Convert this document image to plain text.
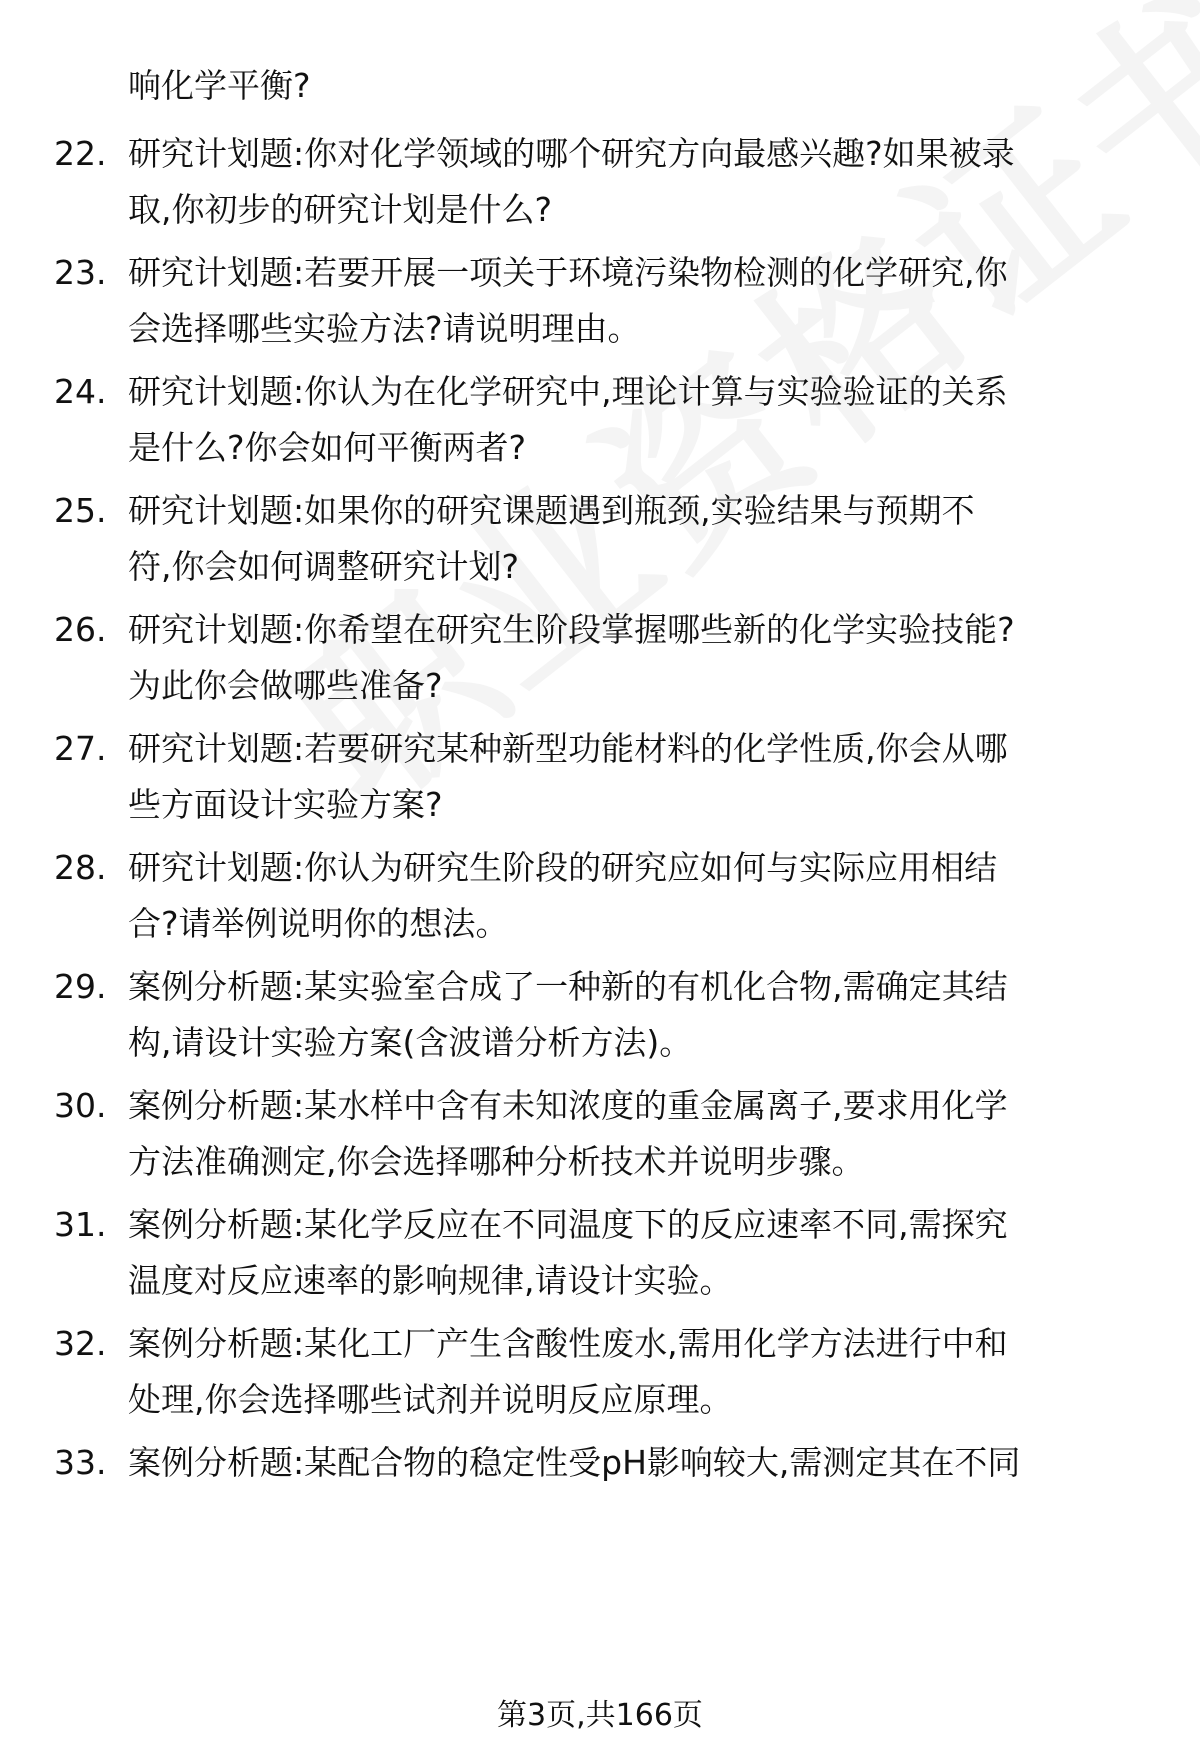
响化学平衡?
22. 研究计划题:你对化学领域的哪个研究方向最感兴趣?如果被录
取,你初步的研究计划是什么?
23. 研究计划题:若要开展一项关于环境污染物检测的化学研究,你
会选择哪些实验方法?请说明理由。
24. 研究计划题:你认为在化学研究中,理论计算与实验验证的关系
是什么?你会如何平衡两者?
25. 研究计划题:如果你的研究课题遇到瓶颈,实验结果与预期不
符,你会如何调整研究计划?
26. 研究计划题:你希望在研究生阶段掌握哪些新的化学实验技能?
为此你会做哪些准备?
27. 研究计划题:若要研究某种新型功能材料的化学性质,你会从哪
些方面设计实验方案?
28. 研究计划题:你认为研究生阶段的研究应如何与实际应用相结
合?请举例说明你的想法。
29. 案例分析题:某实验室合成了一种新的有机化合物,需确定其结
构,请设计实验方案(含波谱分析方法)。
30. 案例分析题:某水样中含有未知浓度的重金属离子,要求用化学
方法准确测定,你会选择哪种分析技术并说明步骤。
31. 案例分析题:某化学反应在不同温度下的反应速率不同,需探究
温度对反应速率的影响规律,请设计实验。
32. 案例分析题:某化工厂产生含酸性废水,需用化学方法进行中和
处理,你会选择哪些试剂并说明反应原理。
33. 案例分析题:某配合物的稳定性受pH影响较大,需测定其在不同
第3页,共166页
